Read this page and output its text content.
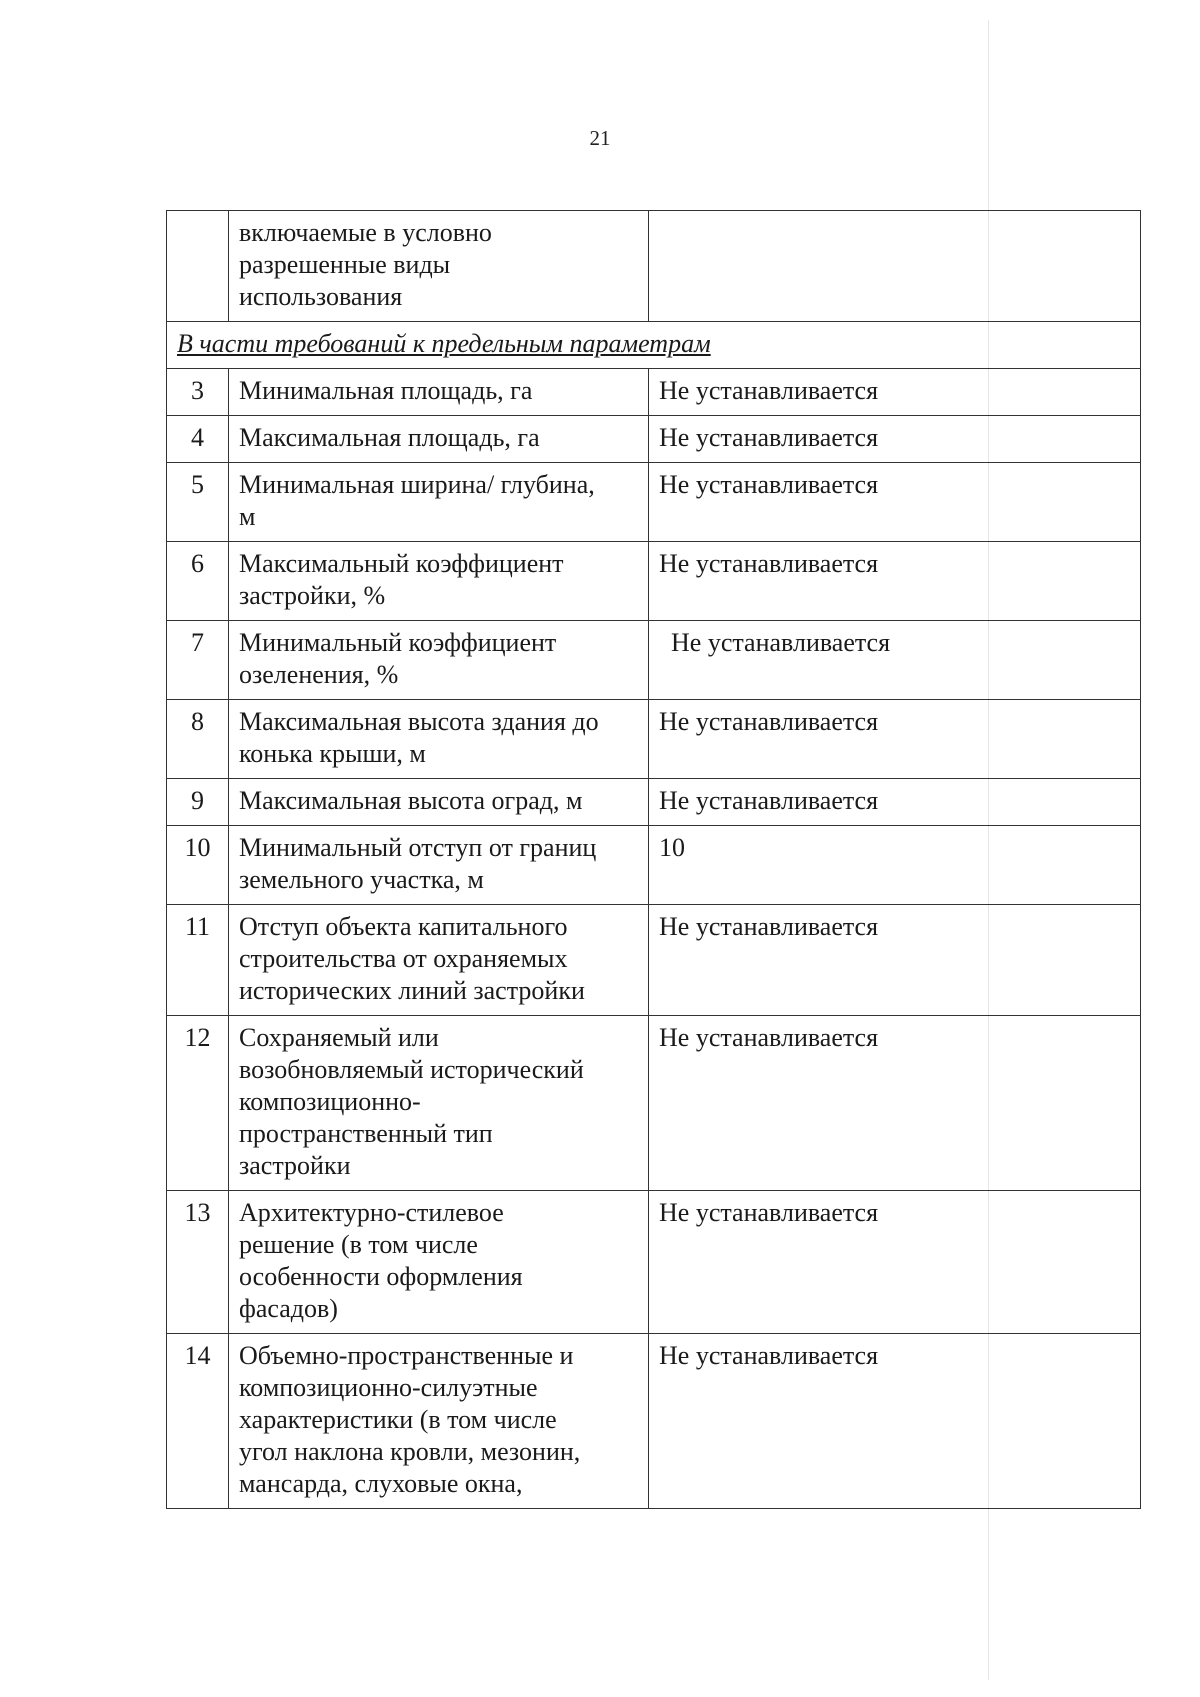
21

	включаемые в условно
разрешенные виды
использования	

В части требований к предельным параметрам		
3	Минимальная площадь, га	Не устанавливается
4	Максимальная площадь, га	Не устанавливается
5	Минимальная ширина/ глубина,
м	Не устанавливается
6	Максимальный коэффициент
застройки, %	Не устанавливается
7	Минимальный коэффициент
озеленения, %	Не устанавливается
8	Максимальная высота здания до
конька крыши, м	Не устанавливается
9	Максимальная высота оград, м	Не устанавливается
10	Минимальный отступ от границ
земельного участка, м	10
11	Отступ объекта капитального
строительства от охраняемых
исторических линий застройки	Не устанавливается
12	Сохраняемый или
возобновляемый исторический
композиционно-
пространственный тип
застройки	Не устанавливается
13	Архитектурно-стилевое
решение (в том числе
особенности оформления
фасадов)	Не устанавливается
14	Объемно-пространственные и
композиционно-силуэтные
характеристики (в том числе
угол наклона кровли, мезонин,
мансарда, слуховые окна,	Не устанавливается
